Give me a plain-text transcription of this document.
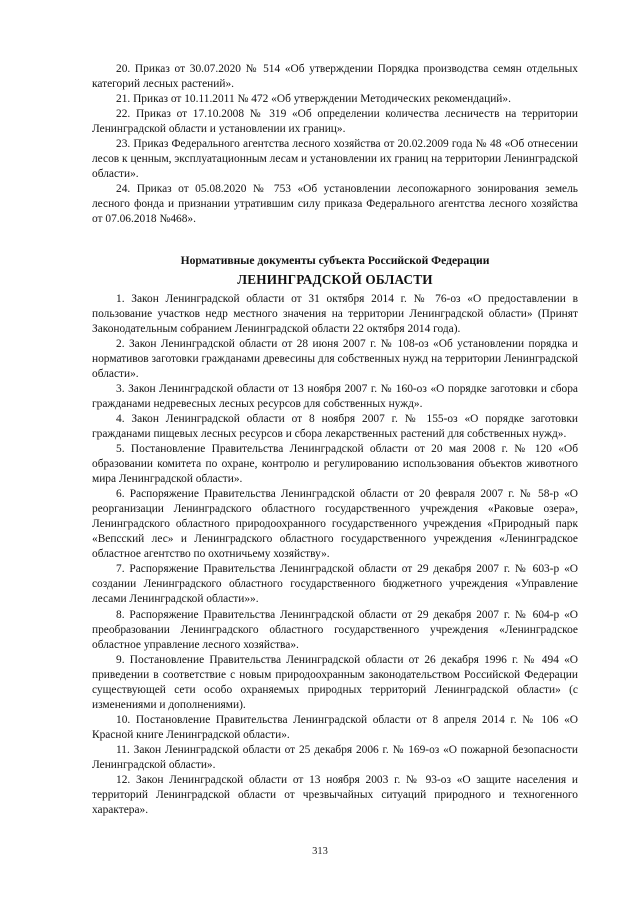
20. Приказ от 30.07.2020 № 514 «Об утверждении Порядка производства семян отдельных категорий лесных растений».

21. Приказ от 10.11.2011 № 472 «Об утверждении Методических рекомендаций».

22. Приказ от 17.10.2008 № 319 «Об определении количества лесничеств на территории Ленинградской области и установлении их границ».

23. Приказ Федерального агентства лесного хозяйства от 20.02.2009 года № 48 «Об отнесении лесов к ценным, эксплуатационным лесам и установлении их границ на территории Ленинградской области».

24. Приказ от 05.08.2020 № 753 «Об установлении лесопожарного зонирования земель лесного фонда и признании утратившим силу приказа Федерального агентства лесного хозяйства от 07.06.2018 №468».

Нормативные документы субъекта Российской Федерации
ЛЕНИНГРАДСКОЙ ОБЛАСТИ

1. Закон Ленинградской области от 31 октября 2014 г. № 76-оз «О предоставлении в пользование участков недр местного значения на территории Ленинградской области» (Принят Законодательным собранием Ленинградской области 22 октября 2014 года).

2. Закон Ленинградской области от 28 июня 2007 г. № 108-оз «Об установлении порядка и нормативов заготовки гражданами древесины для собственных нужд на территории Ленинградской области».

3. Закон Ленинградской области от 13 ноября 2007 г. № 160-оз «О порядке заготовки и сбора гражданами недревесных лесных ресурсов для собственных нужд».

4. Закон Ленинградской области от 8 ноября 2007 г. № 155-оз «О порядке заготовки гражданами пищевых лесных ресурсов и сбора лекарственных растений для собственных нужд».

5. Постановление Правительства Ленинградской области от 20 мая 2008 г. № 120 «Об образовании комитета по охране, контролю и регулированию использования объектов животного мира Ленинградской области».

6. Распоряжение Правительства Ленинградской области от 20 февраля 2007 г. № 58-р «О реорганизации Ленинградского областного государственного учреждения «Раковые озера», Ленинградского областного природоохранного государственного учреждения «Природный парк «Вепсский лес» и Ленинградского областного государственного учреждения «Ленинградское областное агентство по охотничьему хозяйству».

7. Распоряжение Правительства Ленинградской области от 29 декабря 2007 г. № 603-р «О создании Ленинградского областного государственного бюджетного учреждения «Управление лесами Ленинградской области»».

8. Распоряжение Правительства Ленинградской области от 29 декабря 2007 г. № 604-р «О преобразовании Ленинградского областного государственного учреждения «Ленинградское областное управление лесного хозяйства».

9. Постановление Правительства Ленинградской области от 26 декабря 1996 г. № 494 «О приведении в соответствие с новым природоохранным законодательством Российской Федерации существующей сети особо охраняемых природных территорий Ленинградской области» (с изменениями и дополнениями).

10. Постановление Правительства Ленинградской области от 8 апреля 2014 г. № 106 «О Красной книге Ленинградской области».

11. Закон Ленинградской области от 25 декабря 2006 г. № 169-оз «О пожарной безопасности Ленинградской области».

12. Закон Ленинградской области от 13 ноября 2003 г. № 93-оз «О защите населения и территорий Ленинградской области от чрезвычайных ситуаций природного и техногенного характера».

313
